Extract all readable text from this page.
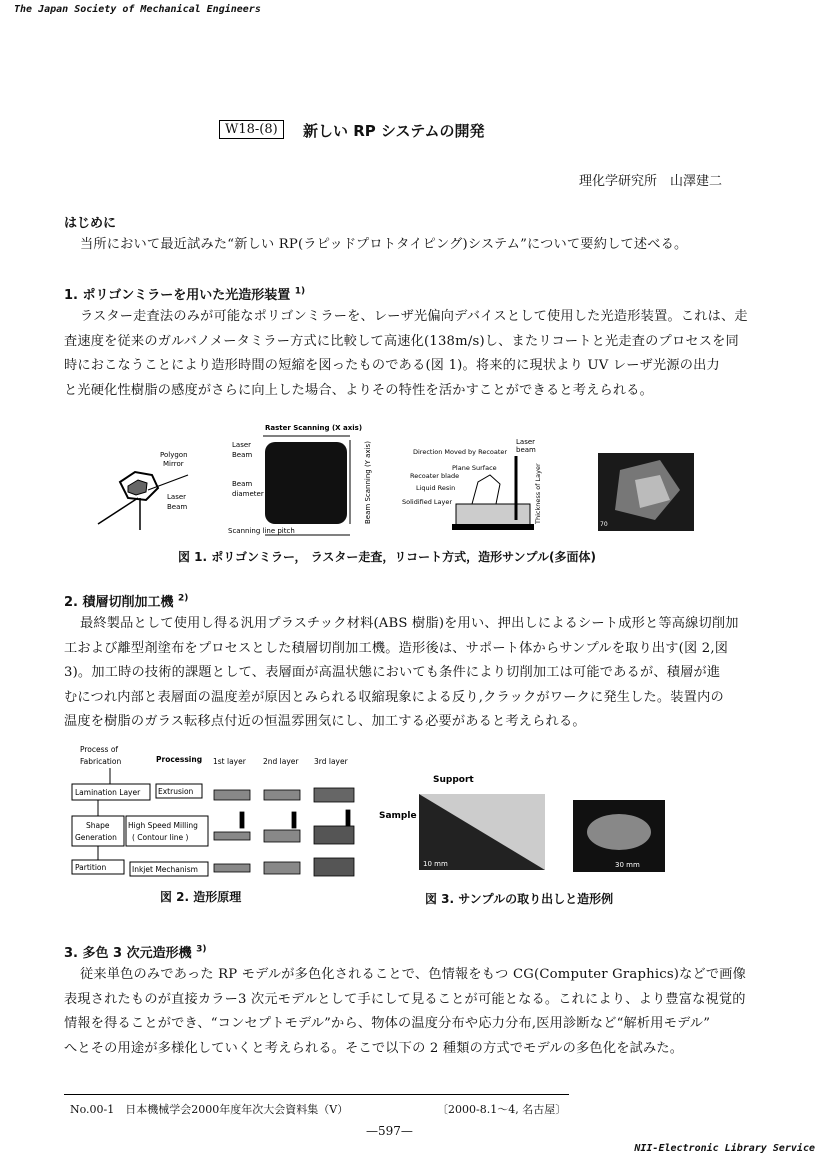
The Japan Society of Mechanical Engineers
W18-(8)	新しい RP システムの開発
理化学研究所　山澤建二
はじめに
当所において最近試みた“新しい RP(ラピッドプロトタイピング)システム”について要約して述べる。
1. ポリゴンミラーを用いた光造形装置 $^{1)}$
ラスター走査法のみが可能なポリゴンミラーを、レーザ光偏向デバイスとして使用した光造形装置。これは、走
査速度を従来のガルバノメータミラー方式に比較して高速化(138m/s)し、またリコートと光走査のプロセスを同
時におこなうことにより造形時間の短縮を図ったものである(図 1)。将来的に現状より UV レーザ光源の出力
と光硬化性樹脂の感度がさらに向上した場合、よりその特性を活かすことができると考えられる。
Polygon
Mirror
Laser
Beam
Raster Scanning (X axis)
Laser
Beam
Beam
diameter	Beam Scanning (Y axis)
Scanning line pitch
Laser
beam
Direction Moved by Recoater
Plane Surface
Recoater blade
Liquid Resin
Solidified Layer	Thickness of Layer
70
図 1. ポリゴンミラー， ラスター走査，リコート方式，造形サンプル(多面体)
2. 積層切削加工機 $^{2)}$
最終製品として使用し得る汎用プラスチック材料(ABS 樹脂)を用い、押出しによるシート成形と等高線切削加
工および離型剤塗布をプロセスとした積層切削加工機。造形後は、サポート体からサンプルを取り出す(図 2,図
3)。加工時の技術的課題として、表層面が高温状態においても条件により切削加工は可能であるが、積層が進
むにつれ内部と表層面の温度差が原因とみられる収縮現象による反り,クラックがワークに発生した。装置内の
温度を樹脂のガラス転移点付近の恒温雰囲気にし、加工する必要があると考えられる。
Process of
Fabrication	Processing 1st layer 2nd layer 3rd layer
Lamination Layer Extrusion
Shape
Generation
High Speed Milling
( Contour line )
Partition	Inkjet Mechanism
図 2. 造形原理
Support
Sample
10 mm	30 mm
図 3. サンプルの取り出しと造形例
3. 多色 3 次元造形機 $^{3)}$
従来単色のみであった RP モデルが多色化されることで、色情報をもつ CG(Computer Graphics)などで画像
表現されたものが直接カラー3 次元モデルとして手にして見ることが可能となる。これにより、より豊富な視覚的
情報を得ることができ、“コンセプトモデル”から、物体の温度分布や応力分布,医用診断など“解析用モデル”
へとその用途が多様化していくと考えられる。そこで以下の 2 種類の方式でモデルの多色化を試みた。
No.00-1　日本機械学会2000年度年次大会資料集（V）	〔2000-8.1～4, 名古屋〕
—597—
NII-Electronic Library Service
